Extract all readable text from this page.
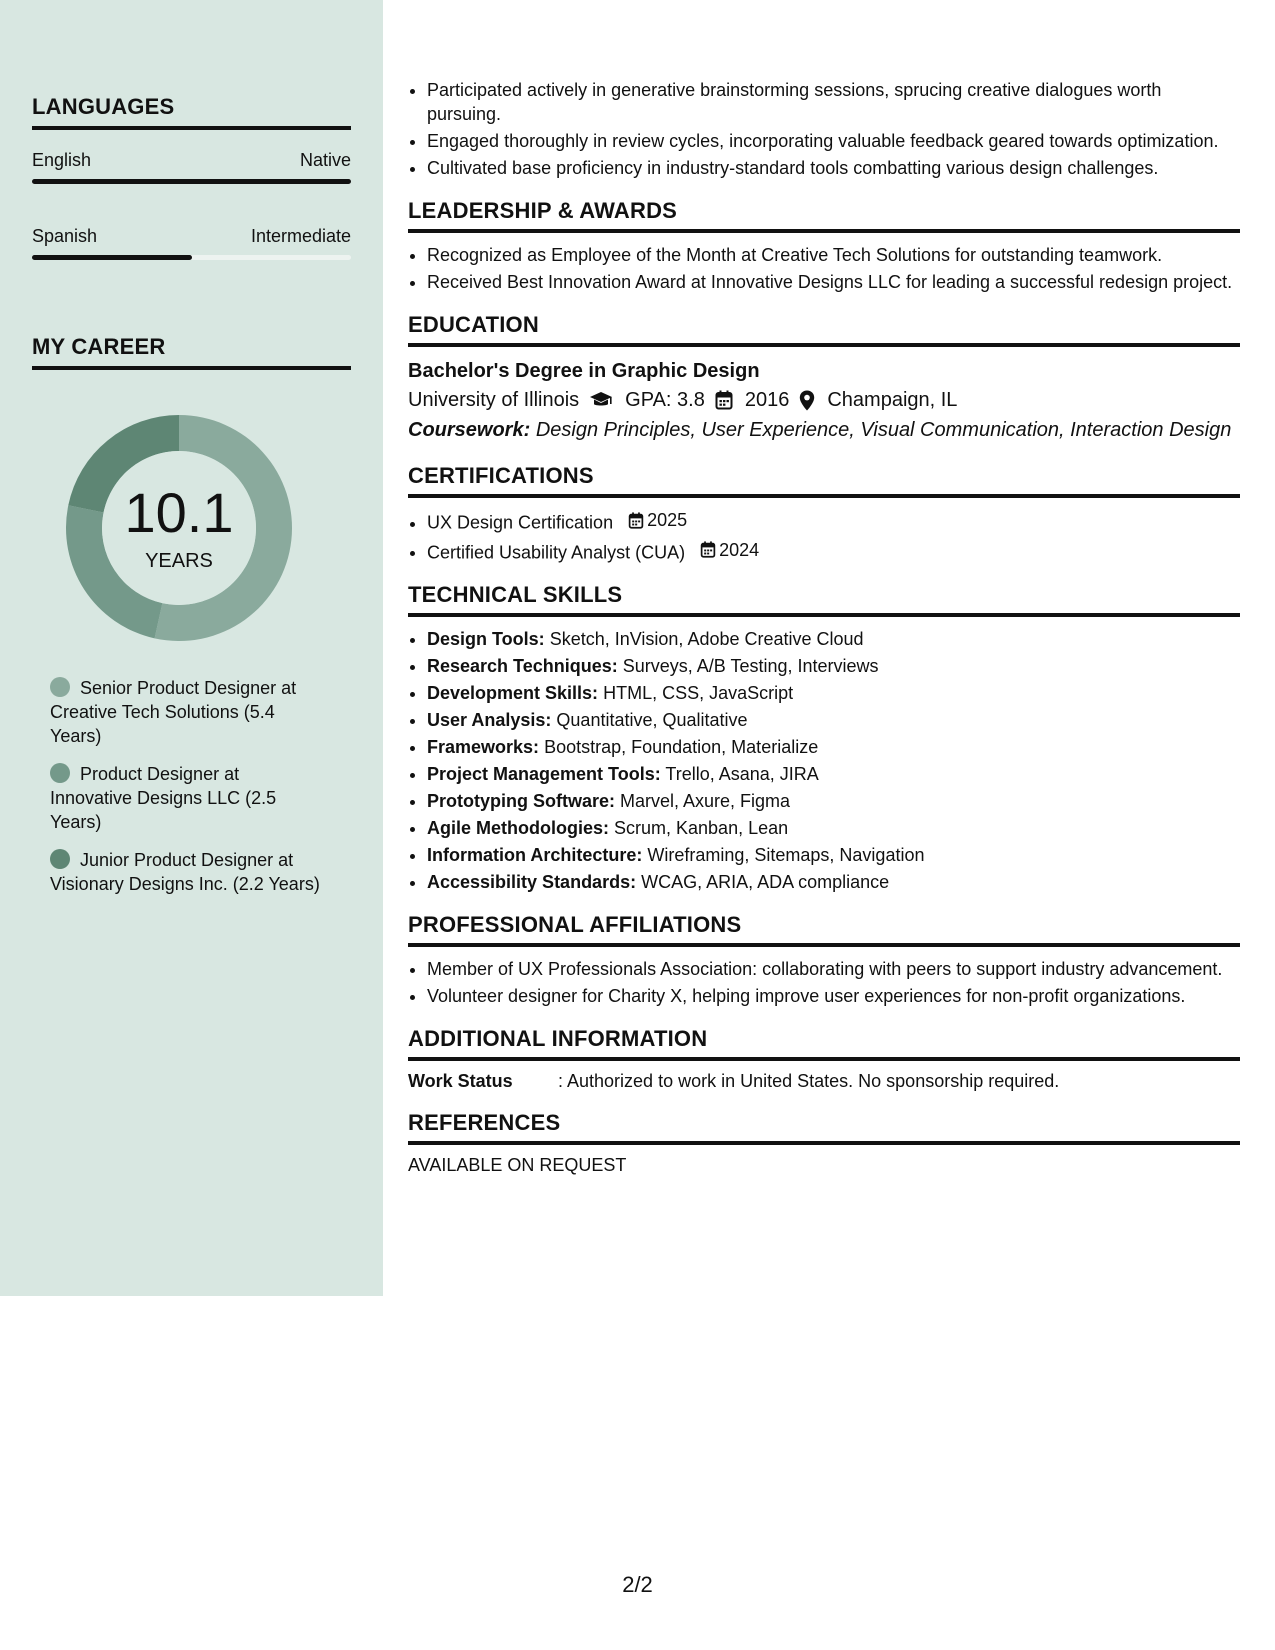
LANGUAGES
English	Native
Spanish	Intermediate
MY CAREER
10.1
YEARS
Senior Product Designer at Creative Tech Solutions (5.4 Years)
Product Designer at Innovative Designs LLC (2.5 Years)
Junior Product Designer at Visionary Designs Inc. (2.2 Years)
• Participated actively in generative brainstorming sessions, sprucing creative dialogues worth pursuing.
• Engaged thoroughly in review cycles, incorporating valuable feedback geared towards optimization.
• Cultivated base proficiency in industry-standard tools combatting various design challenges.
LEADERSHIP & AWARDS
• Recognized as Employee of the Month at Creative Tech Solutions for outstanding teamwork.
• Received Best Innovation Award at Innovative Designs LLC for leading a successful redesign project.
EDUCATION
Bachelor's Degree in Graphic Design
University of Illinois GPA: 3.8 2016 Champaign, IL
Coursework: Design Principles, User Experience, Visual Communication, Interaction Design
CERTIFICATIONS
• UX Design Certification 2025
• Certified Usability Analyst (CUA) 2024
TECHNICAL SKILLS
• Design Tools: Sketch, InVision, Adobe Creative Cloud
• Research Techniques: Surveys, A/B Testing, Interviews
• Development Skills: HTML, CSS, JavaScript
• User Analysis: Quantitative, Qualitative
• Frameworks: Bootstrap, Foundation, Materialize
• Project Management Tools: Trello, Asana, JIRA
• Prototyping Software: Marvel, Axure, Figma
• Agile Methodologies: Scrum, Kanban, Lean
• Information Architecture: Wireframing, Sitemaps, Navigation
• Accessibility Standards: WCAG, ARIA, ADA compliance
PROFESSIONAL AFFILIATIONS
• Member of UX Professionals Association: collaborating with peers to support industry advancement.
• Volunteer designer for Charity X, helping improve user experiences for non-profit organizations.
ADDITIONAL INFORMATION
Work Status	: Authorized to work in United States. No sponsorship required.
REFERENCES
AVAILABLE ON REQUEST
2/2
